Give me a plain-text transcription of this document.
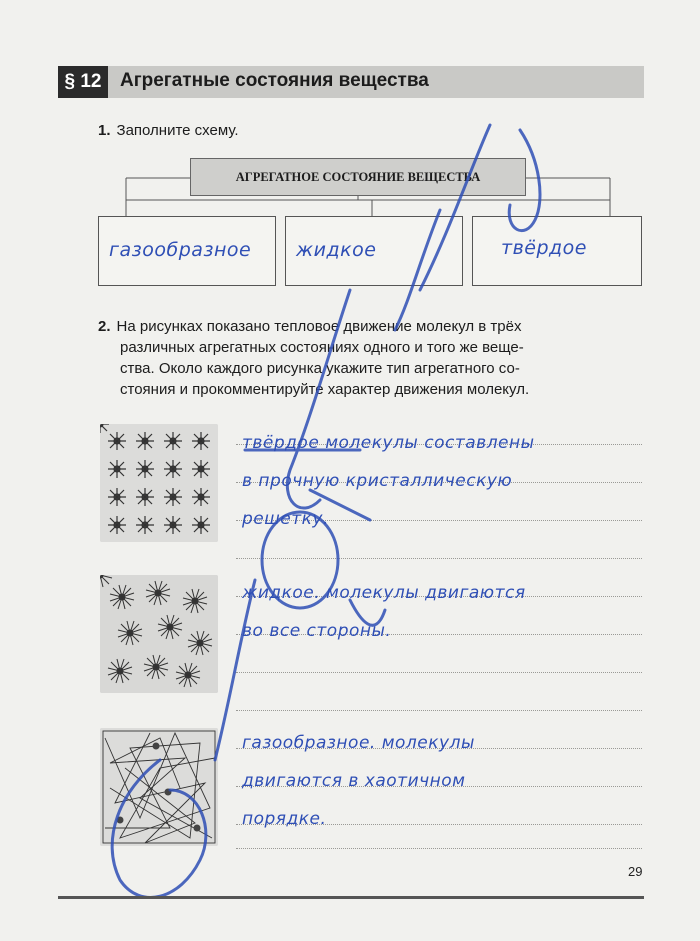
§ 12 Агрегатные состояния вещества
1. Заполните схему.
АГРЕГАТНОЕ СОСТОЯНИЕ ВЕЩЕСТВА
газообразное жидкое	твёрдое
2. На рисунках показано тепловое движение молекул в трёх
различных агрегатных состояниях одного и того же веще-
ства. Около каждого рисунка укажите тип агрегатного со-
стояния и прокомментируйте характер движения молекул.
твёрдое молекулы составлены
в прочную кристаллическую
решетку.
жидкое. молекулы двигаются
во все стороны.
газообразное. молекулы
двигаются в хаотичном
порядке.
29
